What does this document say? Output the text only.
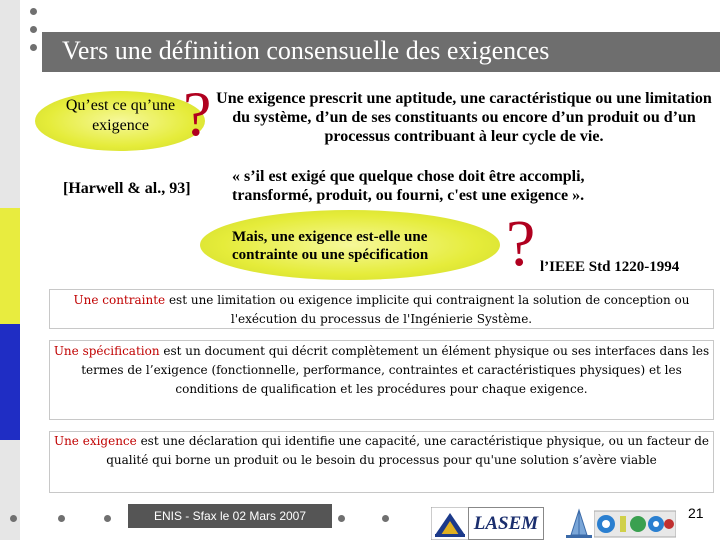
Vers une définition consensuelle des exigences
Qu’est ce qu’une exigence ? Une exigence prescrit une aptitude, une caractéristique ou une limitation du système, d’un de ses constituants ou encore d’un produit ou d’un processus contribuant à leur cycle de vie.
[Harwell & al., 93]
« s’il est exigé que quelque chose doit être accompli, transformé, produit, ou fourni, c'est une exigence ».
Mais, une exigence est-elle une contrainte ou une spécification	? l’IEEE Std 1220-1994
Une contrainte est une limitation ou exigence implicite qui contraignent la solution de conception ou l'exécution du processus de l'Ingénierie Système.
Une spécification est un document qui décrit complètement un élément physique ou ses interfaces dans les termes de l’exigence (fonctionnelle, performance, contraintes et caractéristiques physiques) et les conditions de qualification et les procédures pour chaque exigence.
Une exigence est une déclaration qui identifie une capacité, une caractéristique physique, ou un facteur de qualité qui borne un produit ou le besoin du processus pour qu'une solution s’avère viable
ENIS - Sfax le 02 Mars 2007	LASEM	21
